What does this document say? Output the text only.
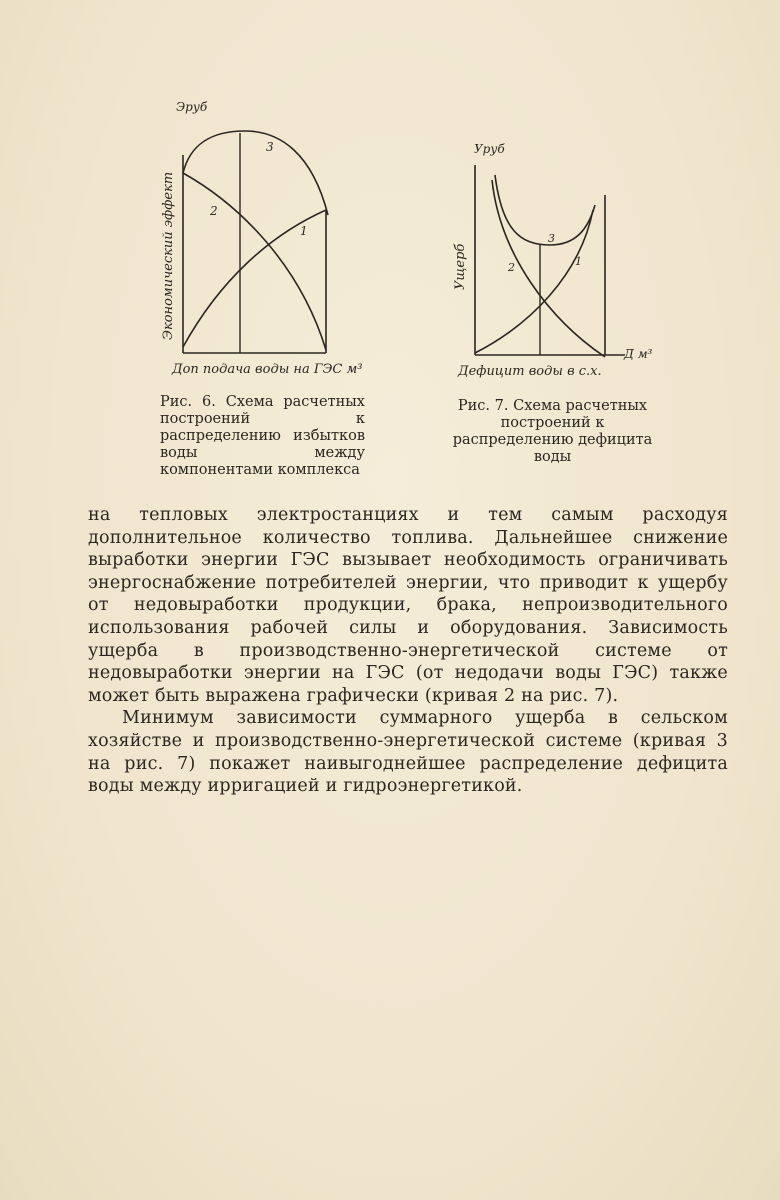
3
2
1
Эруб
Экономический эффект
Доп подача воды на ГЭС м³
Рис. 6. Схема расчетных построений к распределению избытков воды между компонентами комплекса
3
2	1
Уруб
Ущерб
Д м³
Дефицит воды в с.х.
Рис. 7. Схема расчетных построений к распределению дефицита воды

на тепловых электростанциях и тем самым расходуя дополнительное количество топлива. Дальнейшее снижение выработки энергии ГЭС вызывает необходимость ограничивать энергоснабжение потребителей энергии, что приводит к ущербу от недовыработки продукции, брака, непроизводительного использования рабочей силы и оборудования. Зависимость ущерба в производственно-энергетической системе от недовыработки энергии на ГЭС (от недодачи воды ГЭС) также может быть выражена графически (кривая 2 на рис. 7).

Минимум зависимости суммарного ущерба в сельском хозяйстве и производственно-энергетической системе (кривая 3 на рис. 7) покажет наивыгоднейшее распределение дефицита воды между ирригацией и гидроэнергетикой.
